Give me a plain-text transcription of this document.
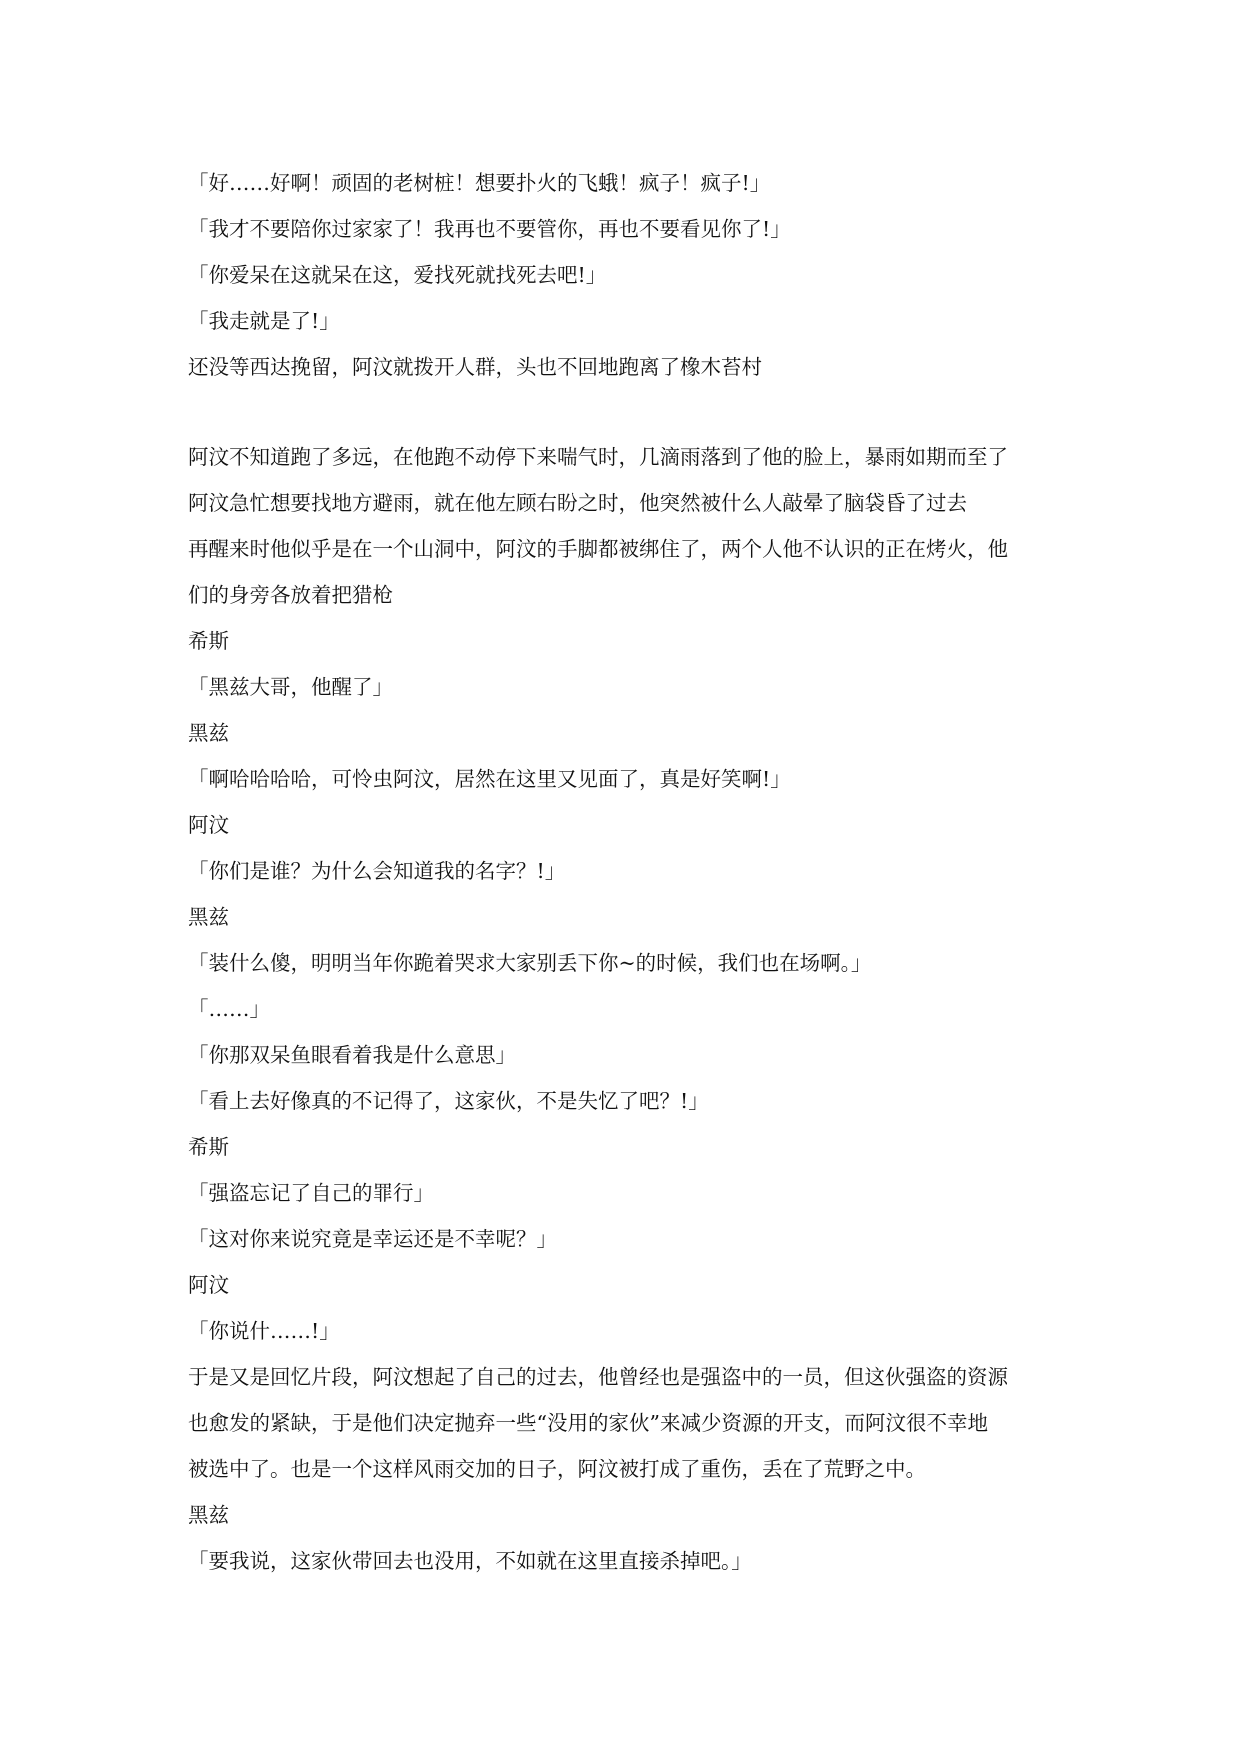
「好……好啊！顽固的老树桩！想要扑火的飞蛾！疯子！疯子!」
「我才不要陪你过家家了！我再也不要管你，再也不要看见你了!」
「你爱呆在这就呆在这，爱找死就找死去吧!」
「我走就是了!」
还没等西达挽留，阿汶就拨开人群，头也不回地跑离了橡木苔村
阿汶不知道跑了多远，在他跑不动停下来喘气时，几滴雨落到了他的脸上，暴雨如期而至了
阿汶急忙想要找地方避雨，就在他左顾右盼之时，他突然被什么人敲晕了脑袋昏了过去
再醒来时他似乎是在一个山洞中，阿汶的手脚都被绑住了，两个人他不认识的正在烤火，他
们的身旁各放着把猎枪
希斯
「黑兹大哥，他醒了」
黑兹
「啊哈哈哈哈，可怜虫阿汶，居然在这里又见面了，真是好笑啊!」
阿汶
「你们是谁？为什么会知道我的名字？!」
黑兹
「装什么傻，明明当年你跪着哭求大家别丢下你~的时候，我们也在场啊。」
「……」
「你那双呆鱼眼看着我是什么意思」
「看上去好像真的不记得了，这家伙，不是失忆了吧？!」
希斯
「强盗忘记了自己的罪行」
「这对你来说究竟是幸运还是不幸呢？」
阿汶
「你说什……!」
于是又是回忆片段，阿汶想起了自己的过去，他曾经也是强盗中的一员，但这伙强盗的资源
也愈发的紧缺，于是他们决定抛弃一些“没用的家伙”来减少资源的开支，而阿汶很不幸地
被选中了。也是一个这样风雨交加的日子，阿汶被打成了重伤，丢在了荒野之中。
黑兹
「要我说，这家伙带回去也没用，不如就在这里直接杀掉吧。」
